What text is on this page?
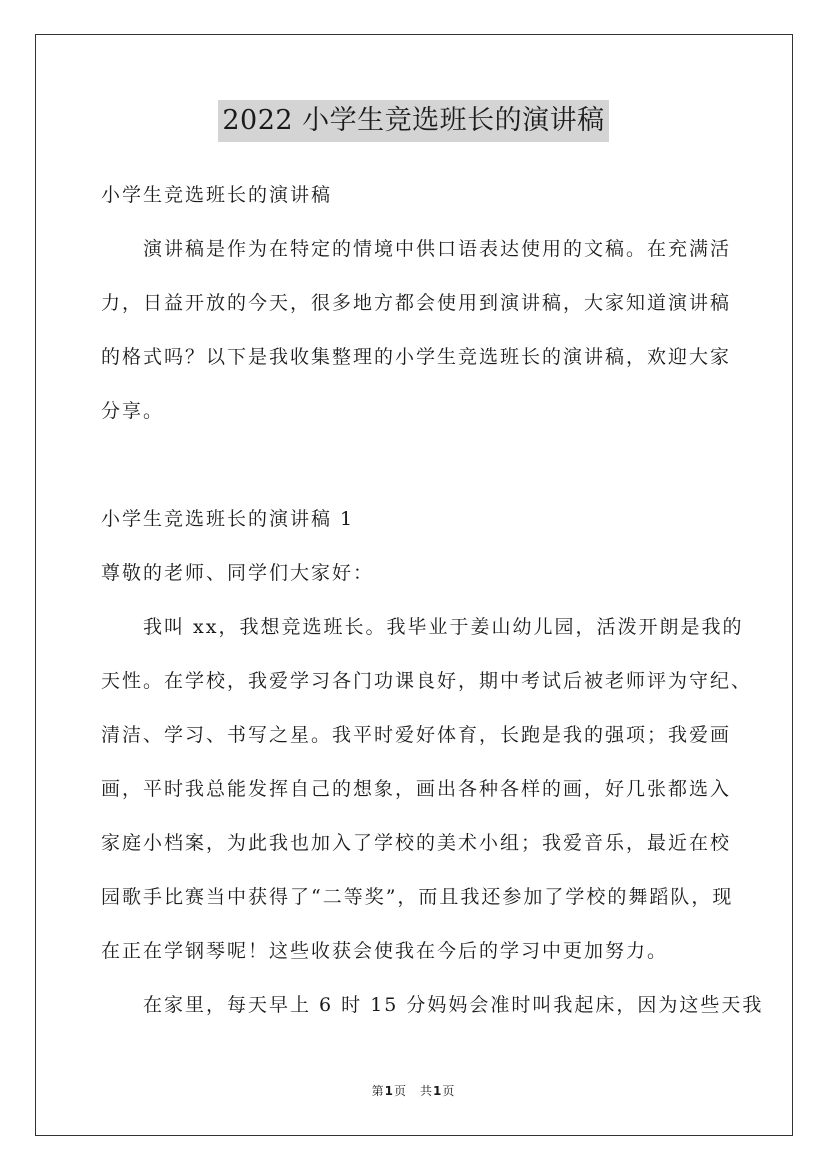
2022 小学生竞选班长的演讲稿
小学生竞选班长的演讲稿
演讲稿是作为在特定的情境中供口语表达使用的文稿。在充满活
力，日益开放的今天，很多地方都会使用到演讲稿，大家知道演讲稿
的格式吗？以下是我收集整理的小学生竞选班长的演讲稿，欢迎大家
分享。
小学生竞选班长的演讲稿 1
尊敬的老师、同学们大家好：
我叫 xx，我想竞选班长。我毕业于姜山幼儿园，活泼开朗是我的
天性。在学校，我爱学习各门功课良好，期中考试后被老师评为守纪、
清洁、学习、书写之星。我平时爱好体育，长跑是我的强项；我爱画
画，平时我总能发挥自己的想象，画出各种各样的画，好几张都选入
家庭小档案，为此我也加入了学校的美术小组；我爱音乐，最近在校
园歌手比赛当中获得了“二等奖”，而且我还参加了学校的舞蹈队，现
在正在学钢琴呢！这些收获会使我在今后的学习中更加努力。
在家里，每天早上 6 时 15 分妈妈会准时叫我起床，因为这些天我
第1页　共1页
